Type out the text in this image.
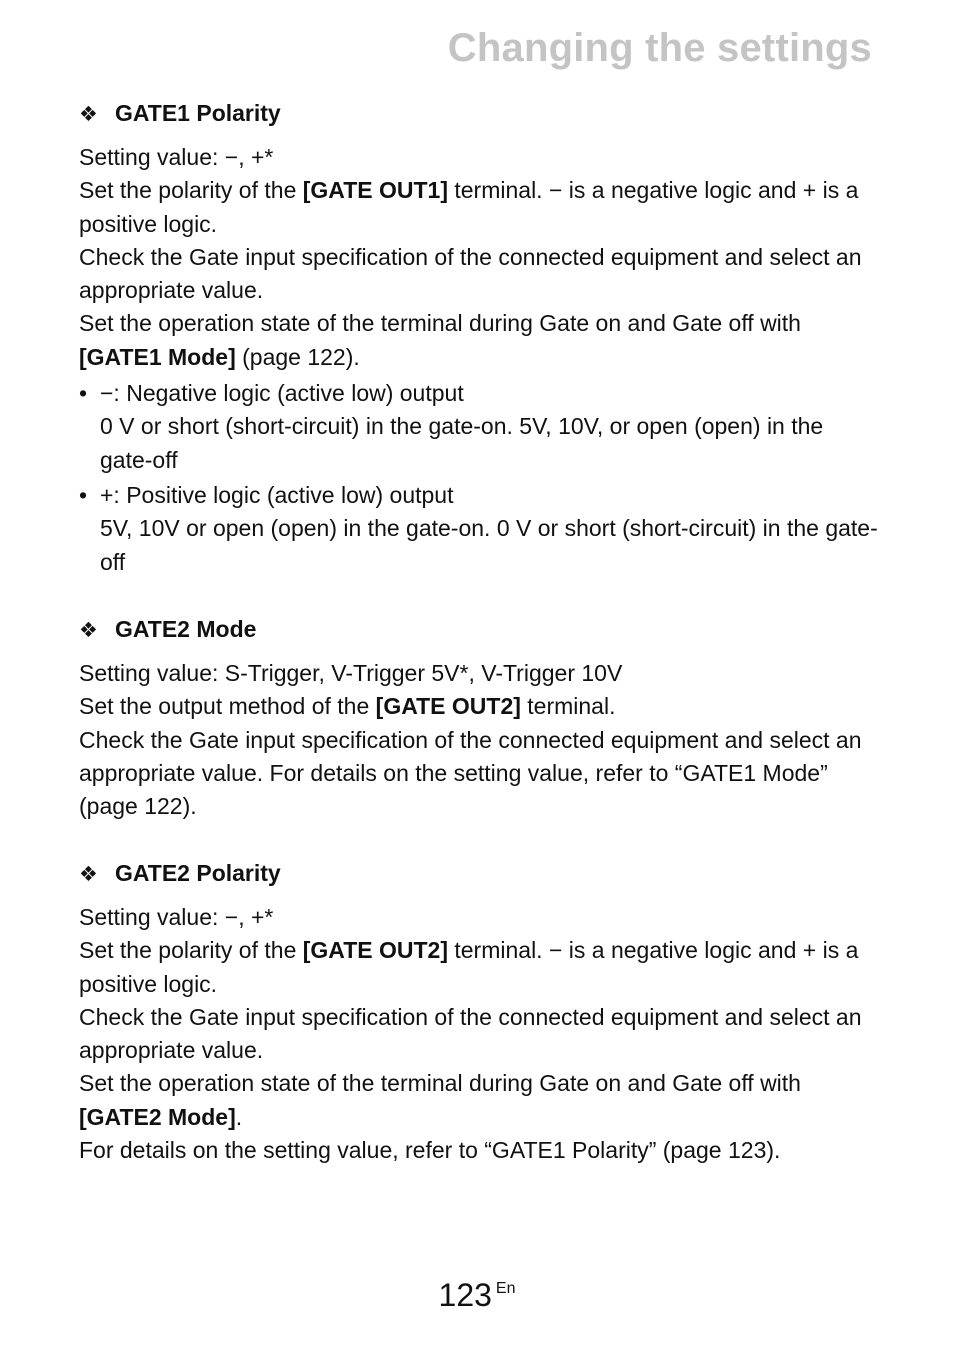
Changing the settings
❖ GATE1 Polarity

Setting value: −, +*

Set the polarity of the [GATE OUT1] terminal. − is a negative logic and + is a positive logic.

Check the Gate input specification of the connected equipment and select an appropriate value.

Set the operation state of the terminal during Gate on and Gate off with [GATE1 Mode] (page 122).

• −: Negative logic (active low) output

0 V or short (short-circuit) in the gate-on. 5V, 10V, or open (open) in the gate-off

• +: Positive logic (active low) output

5V, 10V or open (open) in the gate-on. 0 V or short (short-circuit) in the gate-off

❖ GATE2 Mode

Setting value: S-Trigger, V-Trigger 5V*, V-Trigger 10V

Set the output method of the [GATE OUT2] terminal.

Check the Gate input specification of the connected equipment and select an appropriate value. For details on the setting value, refer to “GATE1 Mode” (page 122).

❖ GATE2 Polarity

Setting value: −, +*

Set the polarity of the [GATE OUT2] terminal. − is a negative logic and + is a positive logic.

Check the Gate input specification of the connected equipment and select an appropriate value.

Set the operation state of the terminal during Gate on and Gate off with [GATE2 Mode].

For details on the setting value, refer to “GATE1 Polarity” (page 123).

123 En
